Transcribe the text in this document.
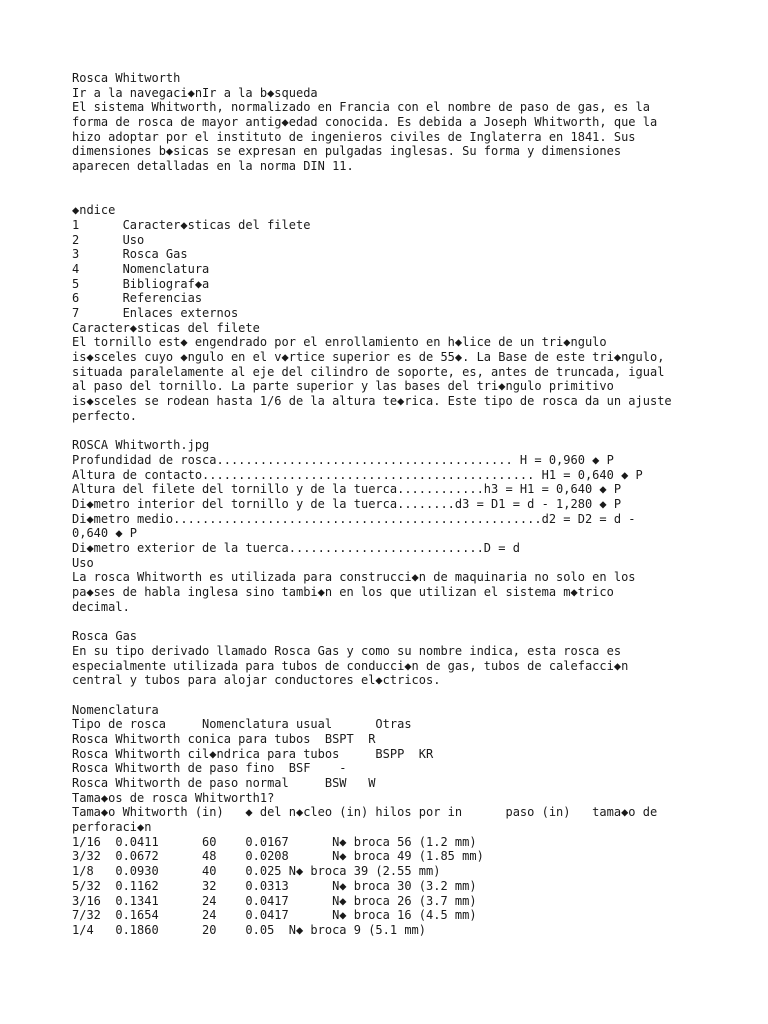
Rosca Whitworth
Ir a la navegaci◆nIr a la b◆squeda
El sistema Whitworth, normalizado en Francia con el nombre de paso de gas, es la
forma de rosca de mayor antig◆edad conocida. Es debida a Joseph Whitworth, que la
hizo adoptar por el instituto de ingenieros civiles de Inglaterra en 1841. Sus
dimensiones b◆sicas se expresan en pulgadas inglesas. Su forma y dimensiones
aparecen detalladas en la norma DIN 11.
◆ndice
1      Caracter◆sticas del filete
2      Uso
3      Rosca Gas
4      Nomenclatura
5      Bibliograf◆a
6      Referencias
7      Enlaces externos
Caracter◆sticas del filete
El tornillo est◆ engendrado por el enrollamiento en h◆lice de un tri◆ngulo
is◆sceles cuyo ◆ngulo en el v◆rtice superior es de 55◆. La Base de este tri◆ngulo,
situada paralelamente al eje del cilindro de soporte, es, antes de truncada, igual
al paso del tornillo. La parte superior y las bases del tri◆ngulo primitivo
is◆sceles se rodean hasta 1/6 de la altura te◆rica. Este tipo de rosca da un ajuste
perfecto.
ROSCA Whitworth.jpg
Profundidad de rosca......................................... H = 0,960 ◆ P
Altura de contacto.............................................. H1 = 0,640 ◆ P
Altura del filete del tornillo y de la tuerca............h3 = H1 = 0,640 ◆ P
Di◆metro interior del tornillo y de la tuerca........d3 = D1 = d - 1,280 ◆ P
Di◆metro medio...................................................d2 = D2 = d -
0,640 ◆ P
Di◆metro exterior de la tuerca...........................D = d
Uso
La rosca Whitworth es utilizada para construcci◆n de maquinaria no solo en los
pa◆ses de habla inglesa sino tambi◆n en los que utilizan el sistema m◆trico
decimal.
Rosca Gas
En su tipo derivado llamado Rosca Gas y como su nombre indica, esta rosca es
especialmente utilizada para tubos de conducci◆n de gas, tubos de calefacci◆n
central y tubos para alojar conductores el◆ctricos.
Nomenclatura
Tipo de rosca     Nomenclatura usual      Otras
Rosca Whitworth conica para tubos  BSPT  R
Rosca Whitworth cil◆ndrica para tubos     BSPP  KR
Rosca Whitworth de paso fino  BSF    -
Rosca Whitworth de paso normal     BSW   W
Tama◆os de rosca Whitworth1?
Tama◆o Whitworth (in)   ◆ del n◆cleo (in) hilos por in      paso (in)   tama◆o de
perforaci◆n
1/16  0.0411      60    0.0167      N◆ broca 56 (1.2 mm)
3/32  0.0672      48    0.0208      N◆ broca 49 (1.85 mm)
1/8   0.0930      40    0.025 N◆ broca 39 (2.55 mm)
5/32  0.1162      32    0.0313      N◆ broca 30 (3.2 mm)
3/16  0.1341      24    0.0417      N◆ broca 26 (3.7 mm)
7/32  0.1654      24    0.0417      N◆ broca 16 (4.5 mm)
1/4   0.1860      20    0.05  N◆ broca 9 (5.1 mm)
